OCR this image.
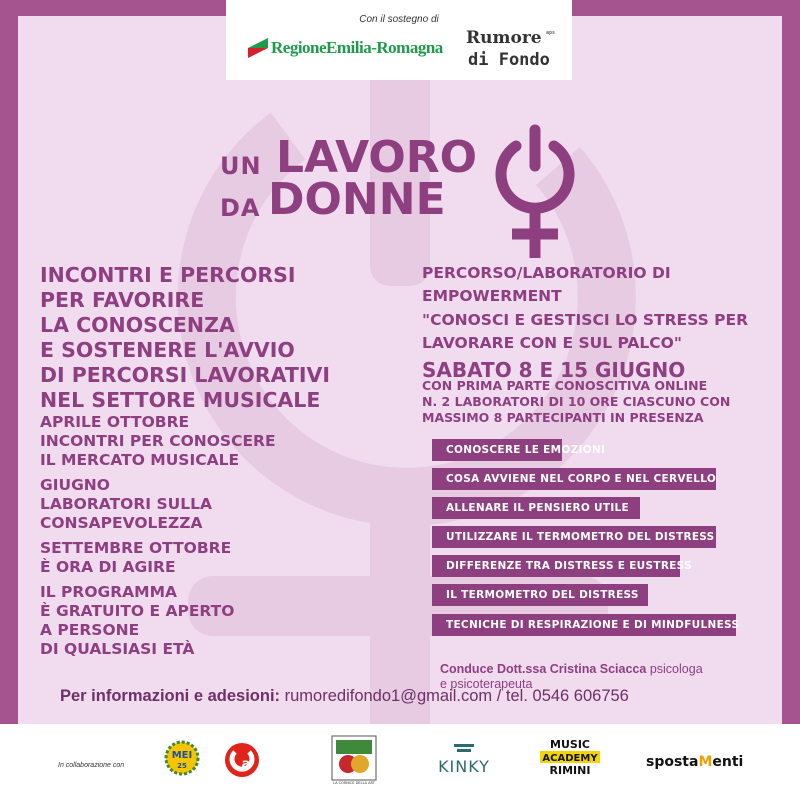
UN LAVORO
DA DONNE
INCONTRI E PERCORSI
PER FAVORIRE
LA CONOSCENZA
E SOSTENERE L'AVVIO
DI PERCORSI LAVORATIVI
NEL SETTORE MUSICALE
APRILE OTTOBRE
INCONTRI PER CONOSCERE
IL MERCATO MUSICALE
GIUGNO
LABORATORI SULLA
CONSAPEVOLEZZA
SETTEMBRE OTTOBRE
È ORA DI AGIRE
IL PROGRAMMA
È GRATUITO E APERTO
A PERSONE
DI QUALSIASI ETÀ
PERCORSO/LABORATORIO DI
EMPOWERMENT
"CONOSCI E GESTISCI LO STRESS PER
LAVORARE CON E SUL PALCO"
SABATO 8 E 15 GIUGNO
CON PRIMA PARTE CONOSCITIVA ONLINE
N. 2 LABORATORI DI 10 ORE CIASCUNO CON
MASSIMO 8 PARTECIPANTI IN PRESENZA
CONOSCERE LE EMOZIONI
COSA AVVIENE NEL CORPO E NEL CERVELLO
ALLENARE IL PENSIERO UTILE
UTILIZZARE IL TERMOMETRO DEL DISTRESS
DIFFERENZE TRA DISTRESS E EUSTRESS
IL TERMOMETRO DEL DISTRESS
TECNICHE DI RESPIRAZIONE E DI MINDFULNESS
Conduce Dott.ssa Cristina Sciacca psicologa
e psicoterapeuta
Per informazioni e adesioni: rumoredifondo1@gmail.com / tel. 0546 606756
Con il sostegno di
RegioneEmilia-Romagna Rumore aps
di Fondo
In collaborazione con
MEI
25	a
LA CORNICE DELLA ART
KINKY
MUSIC
ACADEMY
RIMINI
spostaMenti
